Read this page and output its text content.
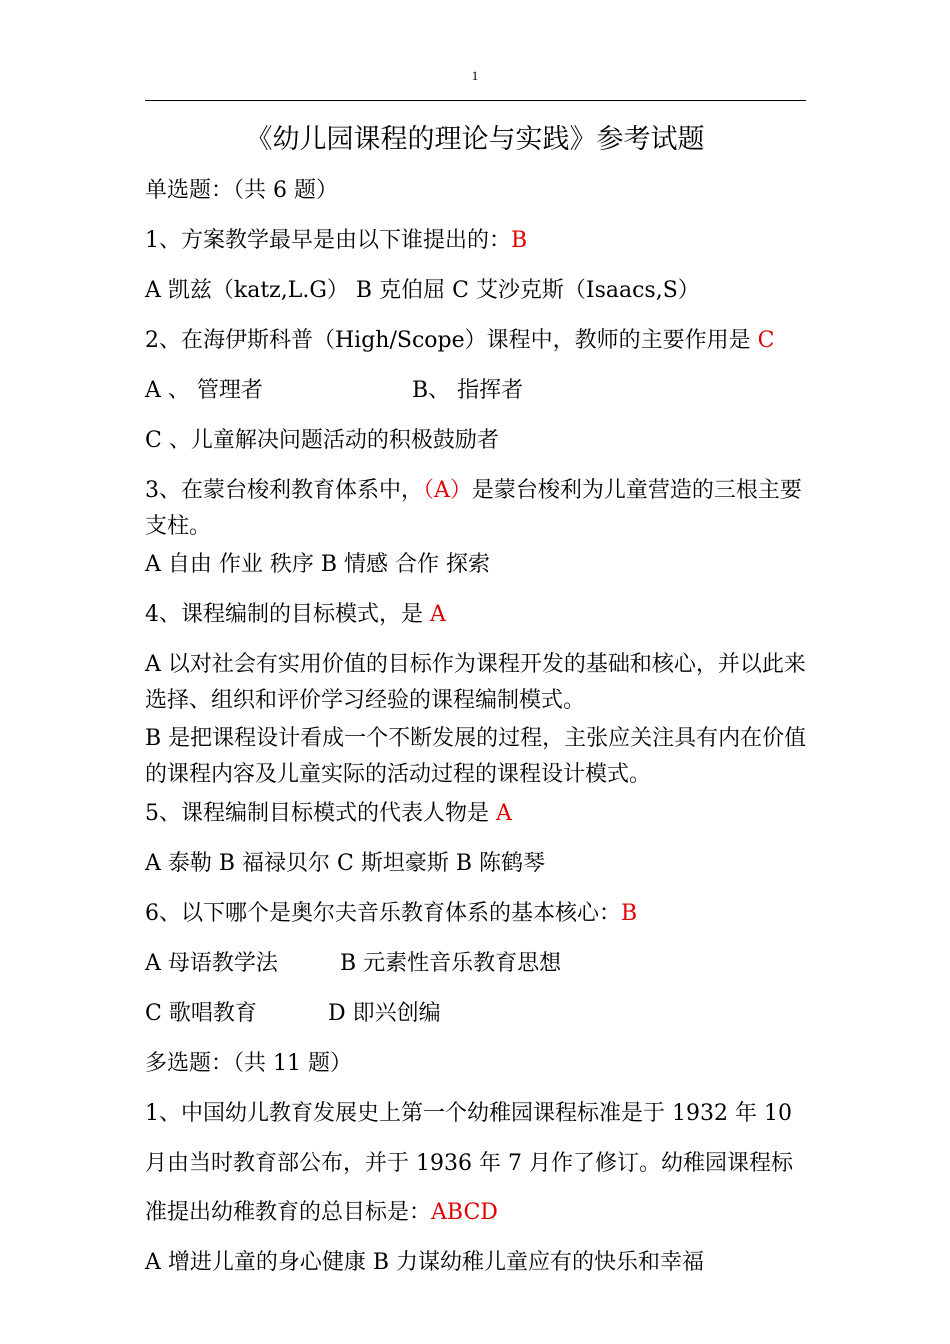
1
《幼儿园课程的理论与实践》参考试题
单选题：（共 6 题）
1、方案教学最早是由以下谁提出的：B
A 凯兹（katz,L.G） B 克伯屈 C 艾沙克斯（Isaacs,S）
2、在海伊斯科普（High/Scope）课程中，教师的主要作用是 C
A 、 管理者	B、 指挥者
C 、儿童解决问题活动的积极鼓励者
3、在蒙台梭利教育体系中，（A）是蒙台梭利为儿童营造的三根主要支柱。
A 自由 作业 秩序 B 情感 合作 探索
4、课程编制的目标模式，是 A
A 以对社会有实用价值的目标作为课程开发的基础和核心，并以此来选择、组织和评价学习经验的课程编制模式。
B 是把课程设计看成一个不断发展的过程，主张应关注具有内在价值的课程内容及儿童实际的活动过程的课程设计模式。
5、课程编制目标模式的代表人物是 A
A 泰勒 B 福禄贝尔 C 斯坦豪斯 B 陈鹤琴
6、以下哪个是奥尔夫音乐教育体系的基本核心：B
A 母语教学法	B 元素性音乐教育思想
C 歌唱教育	D 即兴创编
多选题：（共 11 题）
1、中国幼儿教育发展史上第一个幼稚园课程标准是于 1932 年 10
月由当时教育部公布，并于 1936 年 7 月作了修订。幼稚园课程标
准提出幼稚教育的总目标是：ABCD
A 增进儿童的身心健康 B 力谋幼稚儿童应有的快乐和幸福
